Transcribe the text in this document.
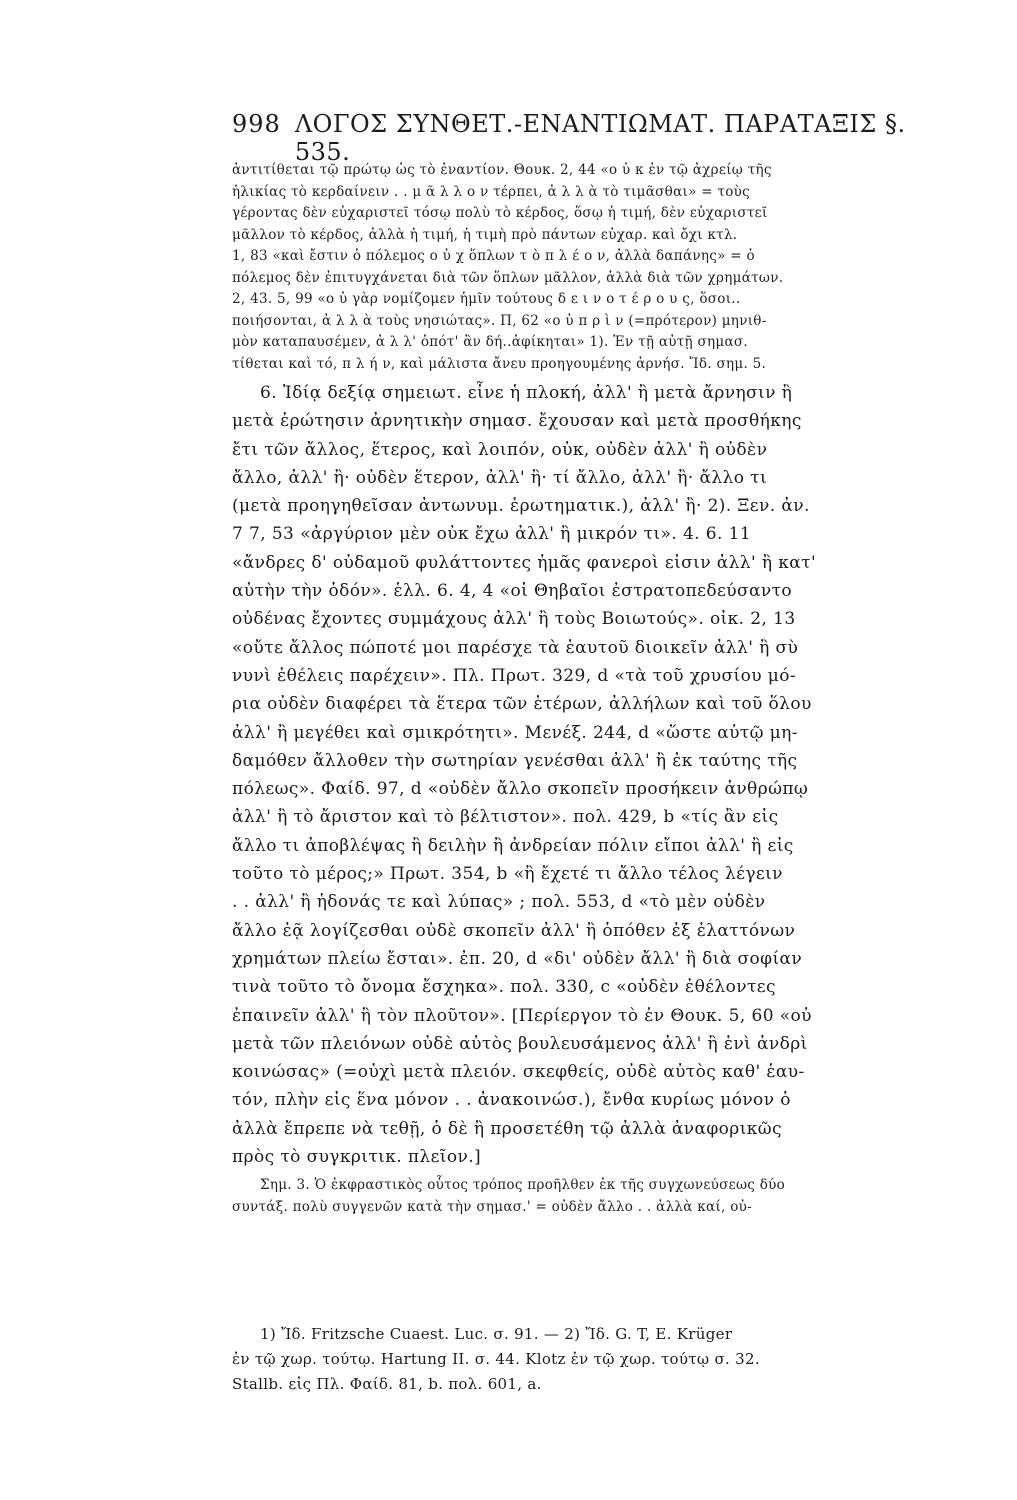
998 ΛΟΓΟΣ ΣΥΝΘΕΤ.-ΕΝΑΝΤΙΩΜΑΤ. ΠΑΡΑΤΑΞΙΣ §. 535.
ἀντιτίθεται τῷ πρώτῳ ὡς τὸ ἐναντίον. Θουκ. 2, 44 «ο ὐ κ ἐν τῷ ἀχρείῳ τῆς
ἡλικίας τὸ κερδαίνειν . . μ ᾶ λ λ ο ν τέρπει, ἀ λ λ ὰ τὸ τιμᾶσθαι» = τοὺς
γέροντας δὲν εὐχαριστεῖ τόσῳ πολὺ τὸ κέρδος, ὅσῳ ἡ τιμή, δὲν εὐχαριστεῖ
μᾶλλον τὸ κέρδος, ἀλλὰ ἡ τιμή, ἡ τιμὴ πρὸ πάντων εὐχαρ. καὶ ὄχι κτλ.
1, 83 «καὶ ἔστιν ὁ πόλεμος ο ὐ χ ὅπλων τ ὸ π λ έ ο ν, ἀλλὰ δαπάνης» = ὁ
πόλεμος δὲν ἐπιτυγχάνεται διὰ τῶν ὅπλων μᾶλλον, ἀλλὰ διὰ τῶν χρημάτων.
2, 43. 5, 99 «ο ὐ γὰρ νομίζομεν ἡμῖν τούτους δ ε ι ν ο τ έ ρ ο υ ς, ὅσοι..
ποιήσονται, ἀ λ λ ὰ τοὺς νησιώτας». Π, 62 «ο ὐ π ρ ὶ ν (=πρότερον) μηνιθ-
μὸν καταπαυσέμεν, ἀ λ λ' ὁπότ' ἂν δή..ἀφίκηται» 1). Ἐν τῇ αὐτῇ σημασ.
τίθεται καὶ τό, π λ ή ν, καὶ μάλιστα ἄνευ προηγουμένης ἀρνήσ. Ἴδ. σημ. 5.
6. Ἰδίᾳ δεξίᾳ σημειωτ. εἶνε ἡ πλοκή, ἀλλ' ἢ μετὰ ἄρνησιν ἢ
μετὰ ἐρώτησιν ἀρνητικὴν σημασ. ἔχουσαν καὶ μετὰ προσθήκης
ἔτι τῶν ἄλλος, ἕτερος, καὶ λοιπόν, οὐκ, οὐδὲν ἀλλ' ἢ οὐδὲν
ἄλλο, ἀλλ' ἢ· οὐδὲν ἕτερον, ἀλλ' ἢ· τί ἄλλο, ἀλλ' ἢ· ἄλλο τι
(μετὰ προηγηθεῖσαν ἀντωνυμ. ἐρωτηματικ.), ἀλλ' ἢ· 2). Ξεν. ἀν.
7 7, 53 «ἀργύριον μὲν οὐκ ἔχω ἀλλ' ἢ μικρόν τι». 4. 6. 11
«ἄνδρες δ' οὐδαμοῦ φυλάττοντες ἡμᾶς φανεροὶ εἰσιν ἀλλ' ἢ κατ'
αὐτὴν τὴν ὁδόν». ἑλλ. 6. 4, 4 «οἱ Θηβαῖοι ἐστρατοπεδεύσαντο
οὐδένας ἔχοντες συμμάχους ἀλλ' ἢ τοὺς Βοιωτούς». οἰκ. 2, 13
«οὔτε ἄλλος πώποτέ μοι παρέσχε τὰ ἑαυτοῦ διοικεῖν ἀλλ' ἢ σὺ
νυνὶ ἐθέλεις παρέχειν». Πλ. Πρωτ. 329, d «τὰ τοῦ χρυσίου μό-
ρια οὐδὲν διαφέρει τὰ ἕτερα τῶν ἑτέρων, ἀλλήλων καὶ τοῦ ὅλου
ἀλλ' ἢ μεγέθει καὶ σμικρότητι». Μενέξ. 244, d «ὥστε αὐτῷ μη-
δαμόθεν ἄλλοθεν τὴν σωτηρίαν γενέσθαι ἀλλ' ἢ ἐκ ταύτης τῆς
πόλεως». Φαίδ. 97, d «οὐδὲν ἄλλο σκοπεῖν προσήκειν ἀνθρώπῳ
ἀλλ' ἢ τὸ ἄριστον καὶ τὸ βέλτιστον». πολ. 429, b «τίς ἂν εἰς
ἄλλο τι ἀποβλέψας ἢ δειλὴν ἢ ἀνδρείαν πόλιν εἴποι ἀλλ' ἢ εἰς
τοῦτο τὸ μέρος;» Πρωτ. 354, b «ἢ ἔχετέ τι ἄλλο τέλος λέγειν
. . ἀλλ' ἢ ἡδονάς τε καὶ λύπας» ; πολ. 553, d «τὸ μὲν οὐδὲν
ἄλλο ἐᾷ λογίζεσθαι οὐδὲ σκοπεῖν ἀλλ' ἢ ὁπόθεν ἐξ ἐλαττόνων
χρημάτων πλείω ἔσται». ἐπ. 20, d «δι' οὐδὲν ἄλλ' ἢ διὰ σοφίαν
τινὰ τοῦτο τὸ ὄνομα ἔσχηκα». πολ. 330, c «οὐδὲν ἐθέλοντες
ἐπαινεῖν ἀλλ' ἢ τὸν πλοῦτον». [Περίεργον τὸ ἐν Θουκ. 5, 60 «οὐ
μετὰ τῶν πλειόνων οὐδὲ αὐτὸς βουλευσάμενος ἀλλ' ἢ ἑνὶ ἀνδρὶ
κοινώσας» (=οὐχὶ μετὰ πλειόν. σκεφθείς, οὐδὲ αὐτὸς καθ' ἑαυ-
τόν, πλὴν εἰς ἕνα μόνον . . ἀνακοινώσ.), ἔνθα κυρίως μόνον ὁ
ἀλλὰ ἔπρεπε νὰ τεθῇ, ὁ δὲ ἢ προσετέθη τῷ ἀλλὰ ἀναφορικῶς
πρὸς τὸ συγκριτικ. πλεῖον.]
Σημ. 3. Ὁ ἐκφραστικὸς οὗτος τρόπος προῆλθεν ἐκ τῆς συγχωνεύσεως δύο
συντάξ. πολὺ συγγενῶν κατὰ τὴν σημασ.' = οὐδὲν ἄλλο . . ἀλλὰ καί, οὐ-
1) Ἴδ. Fritzsche Cuaest. Luc. σ. 91. — 2) Ἴδ. G. T, E. Krüger
ἐν τῷ χωρ. τούτῳ. Hartung II. σ. 44. Klotz ἐν τῷ χωρ. τούτῳ σ. 32.
Stallb. εἰς Πλ. Φαίδ. 81, b. πολ. 601, a.
